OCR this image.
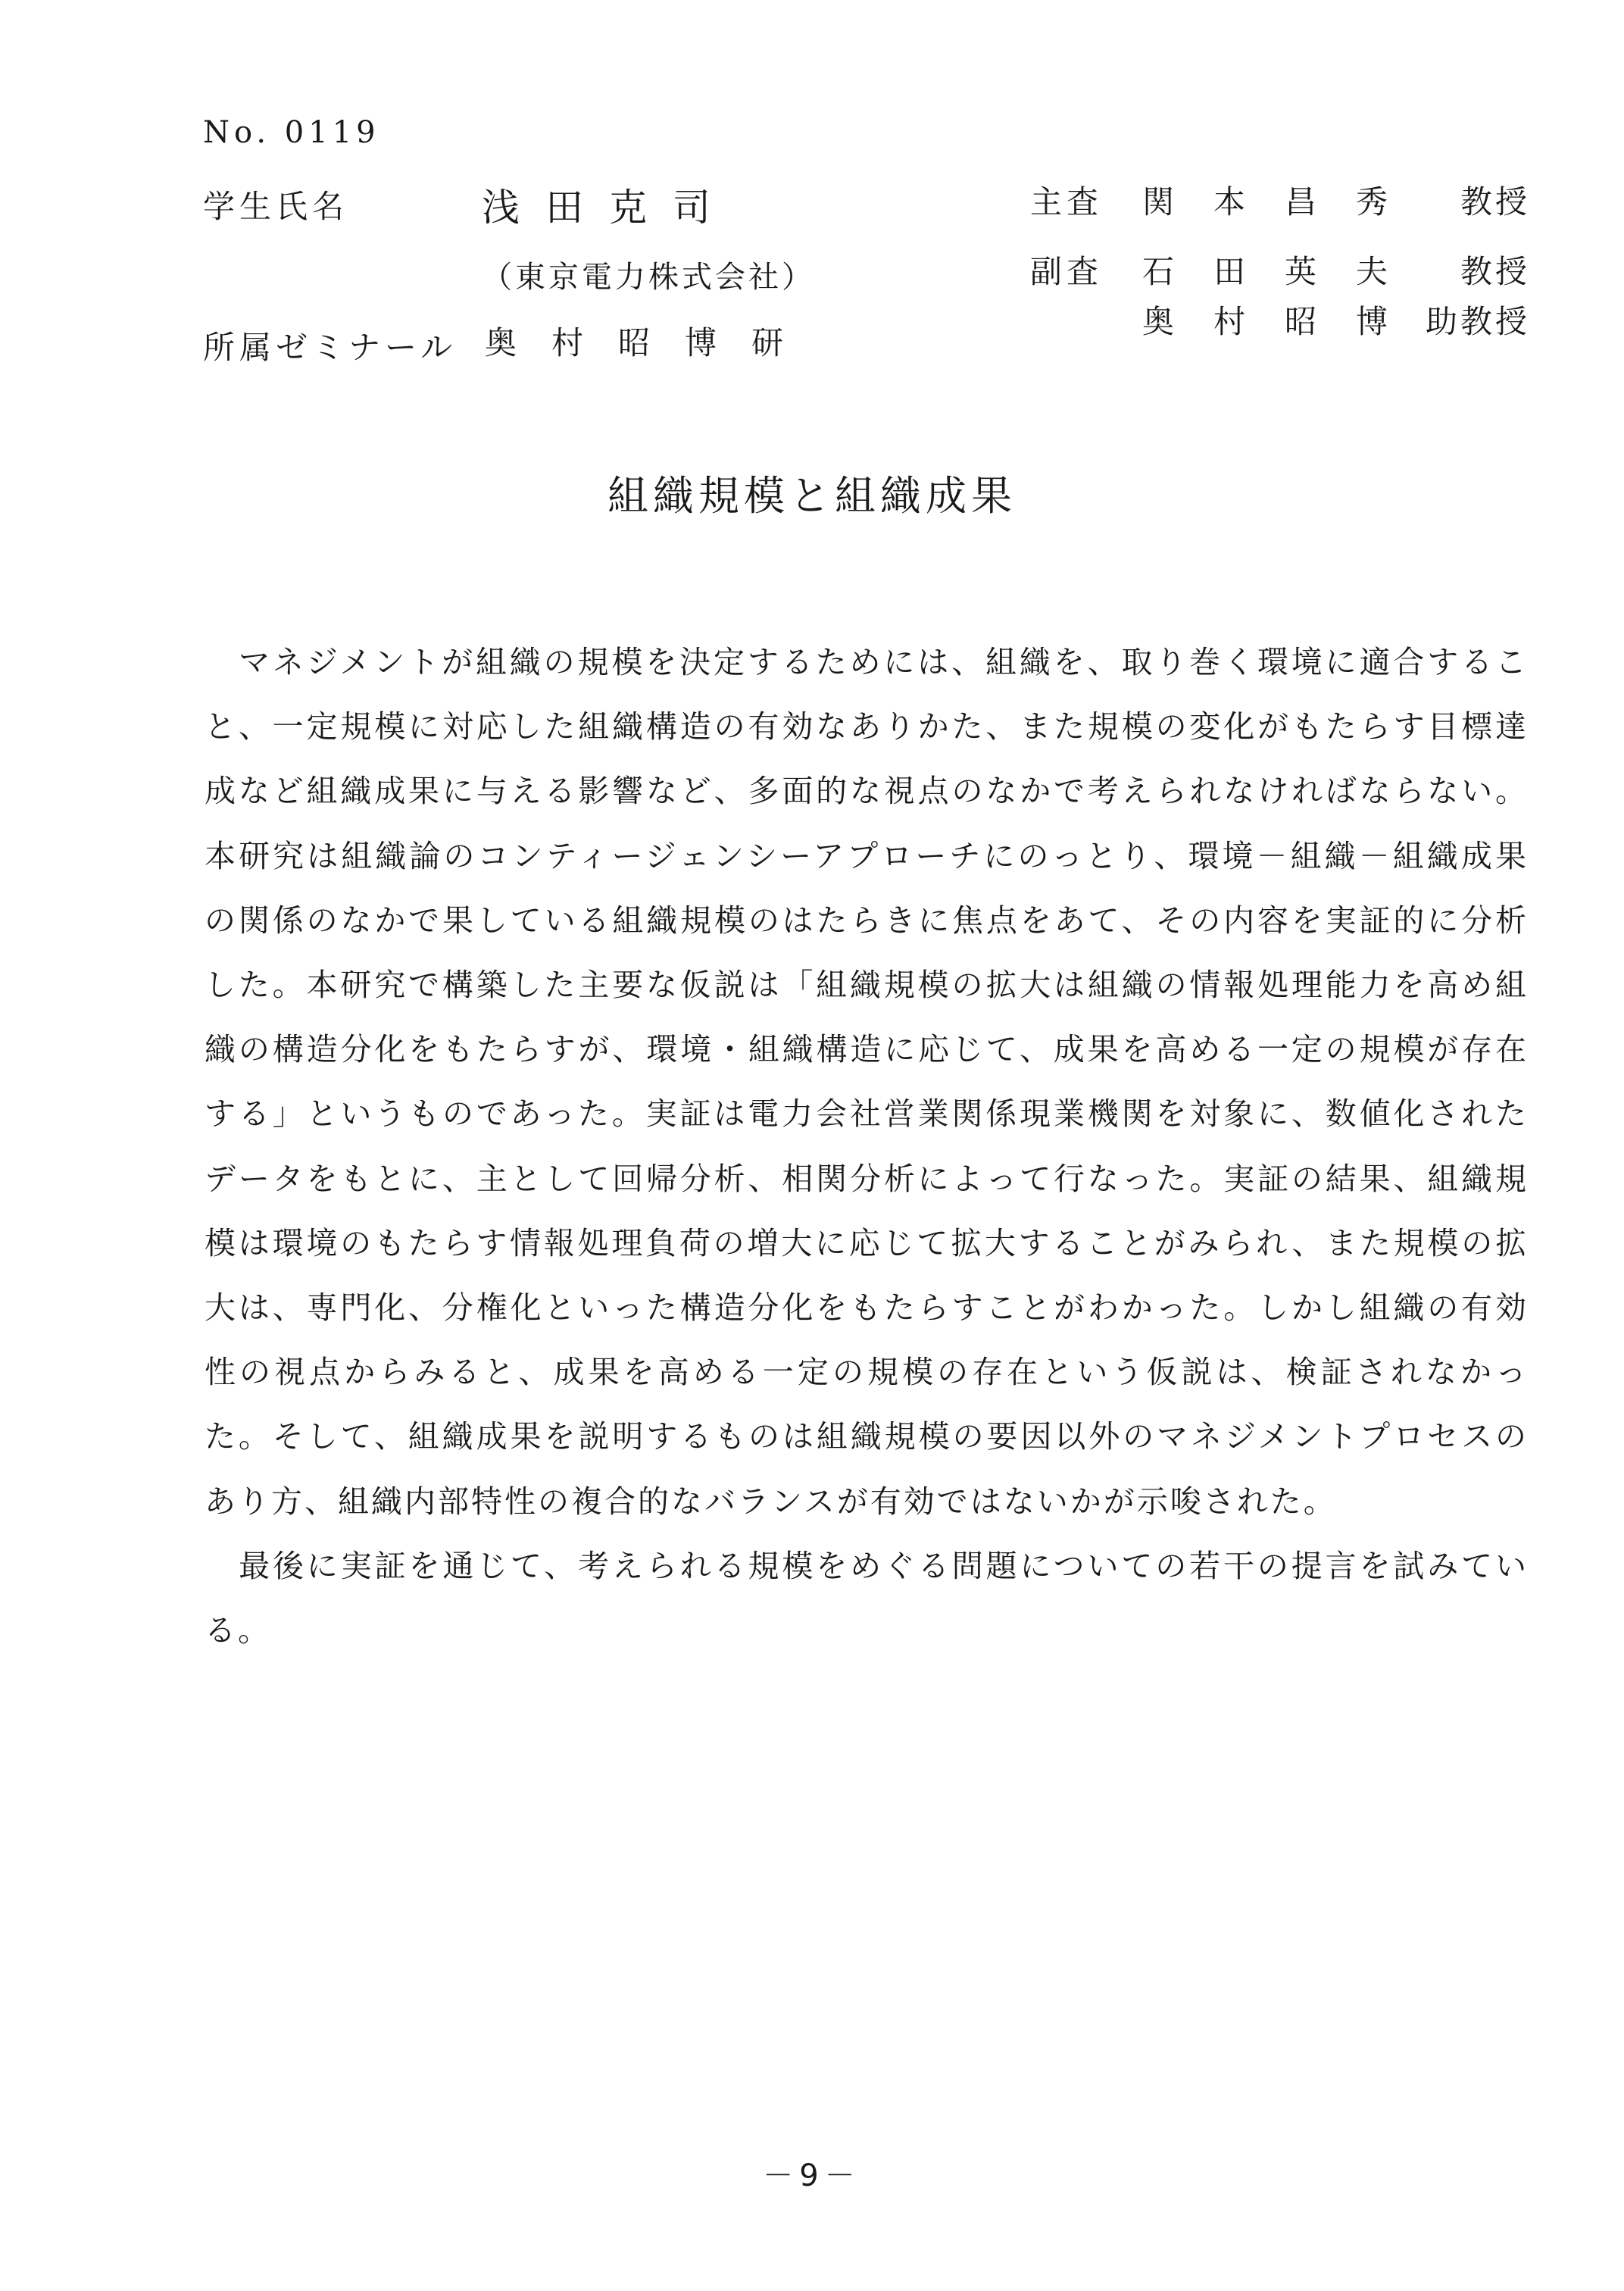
No. 0119
学生氏名	浅田克司
（東京電力株式会社）
所属ゼミナール 奥村昭博研
主査 関本昌秀 教授
副査 石田英夫 教授
奥村昭博
助教授
組織規模と組織成果

マネジメントが組織の規模を決定するためには、組織を、取り巻く環境に適合すること、一定規模に対応した組織構造の有効なありかた、また規模の変化がもたらす目標達成など組織成果に与える影響など、多面的な視点のなかで考えられなければならない。本研究は組織論のコンティージェンシーアプローチにのっとり、環境－組織－組織成果の関係のなかで果している組織規模のはたらきに焦点をあて、その内容を実証的に分析した。本研究で構築した主要な仮説は「組織規模の拡大は組織の情報処理能力を高め組織の構造分化をもたらすが、環境・組織構造に応じて、成果を高める一定の規模が存在する」というものであった。実証は電力会社営業関係現業機関を対象に、数値化されたデータをもとに、主として回帰分析、相関分析によって行なった。実証の結果、組織規模は環境のもたらす情報処理負荷の増大に応じて拡大することがみられ、また規模の拡大は、専門化、分権化といった構造分化をもたらすことがわかった。しかし組織の有効性の視点からみると、成果を高める一定の規模の存在という仮説は、検証されなかった。そして、組織成果を説明するものは組織規模の要因以外のマネジメントプロセスのあり方、組織内部特性の複合的なバランスが有効ではないかが示唆された。

最後に実証を通じて、考えられる規模をめぐる問題についての若干の提言を試みている。

－9－
